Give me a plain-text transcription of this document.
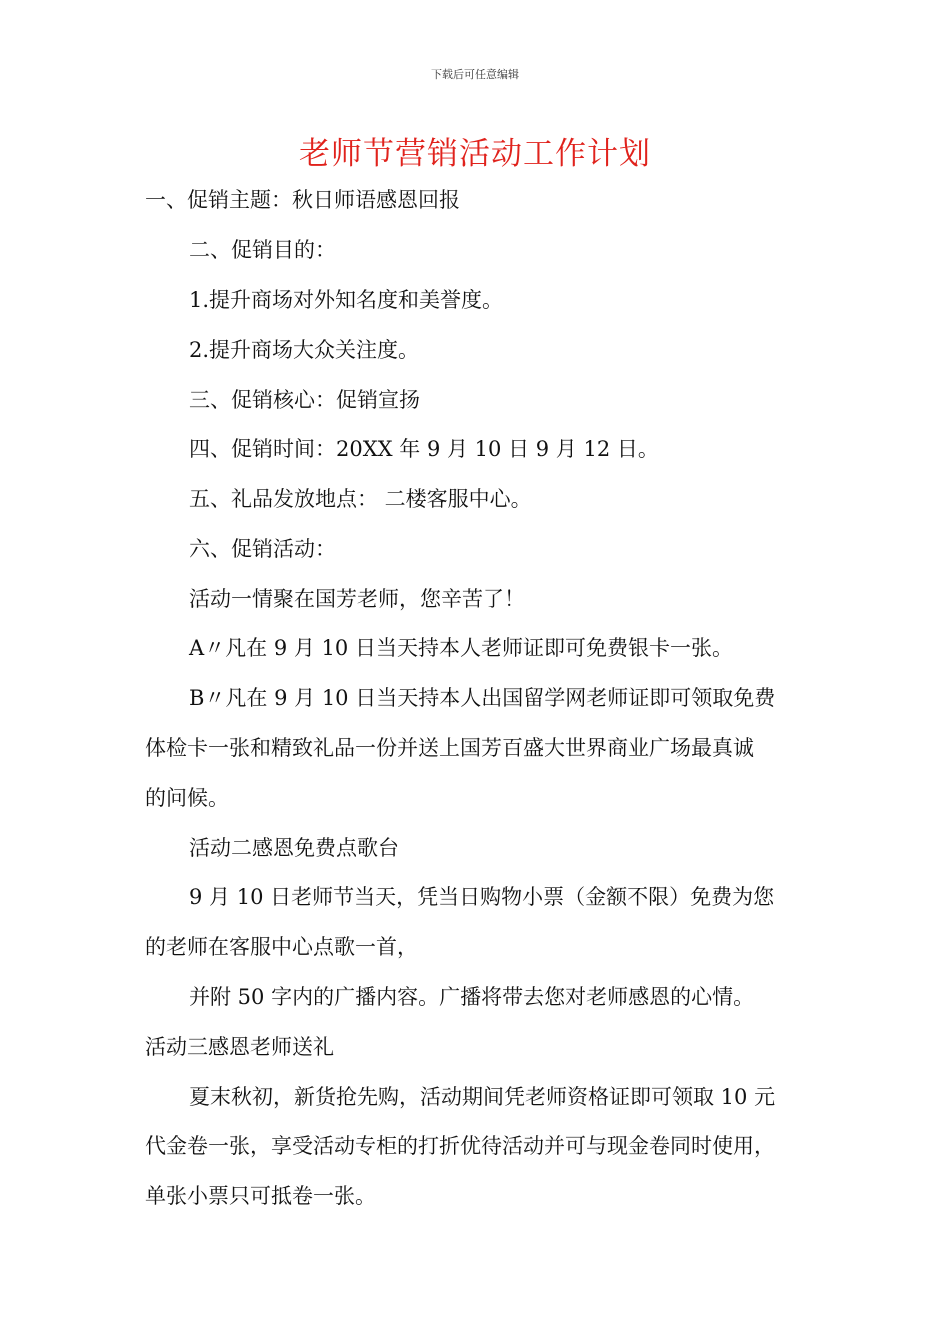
下载后可任意编辑
老师节营销活动工作计划
一、促销主题：秋日师语感恩回报
二、促销目的：
1.提升商场对外知名度和美誉度。
2.提升商场大众关注度。
三、促销核心：促销宣扬
四、促销时间：20XX 年 9 月 10 日 9 月 12 日。
五、礼品发放地点： 二楼客服中心。
六、促销活动：
活动一情聚在国芳老师，您辛苦了！
A〃凡在 9 月 10 日当天持本人老师证即可免费银卡一张。
B〃凡在 9 月 10 日当天持本人出国留学网老师证即可领取免费
体检卡一张和精致礼品一份并送上国芳百盛大世界商业广场最真诚
的问候。
活动二感恩免费点歌台
9 月 10 日老师节当天，凭当日购物小票（金额不限）免费为您
的老师在客服中心点歌一首，
并附 50 字内的广播内容。广播将带去您对老师感恩的心情。
活动三感恩老师送礼
夏末秋初，新货抢先购，活动期间凭老师资格证即可领取 10 元
代金卷一张，享受活动专柜的打折优待活动并可与现金卷同时使用，
单张小票只可抵卷一张。
